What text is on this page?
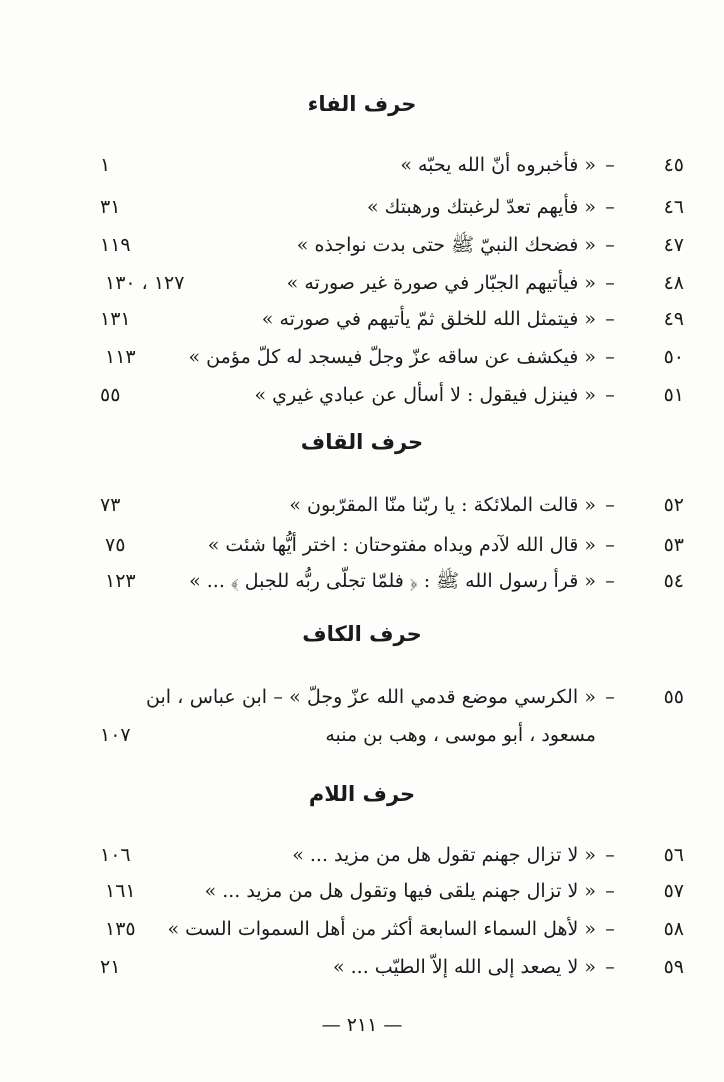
حرف الفاء
٤٥
–
« فأخبروه أنّ الله يحبّه »
١
٤٦
–
« فأيهم تعدّ لرغبتك ورهبتك »
٣١
٤٧
–
« فضحك النبيّ ﷺ حتى بدت نواجذه »
١١٩
٤٨
–
« فيأتيهم الجبّار في صورة غير صورته »
١٢٧ ، ١٣٠
٤٩
–
« فيتمثل الله للخلق ثمّ يأتيهم في صورته »
١٣١
٥٠
–
« فيكشف عن ساقه عزّ وجلّ فيسجد له كلّ مؤمن »
١١٣
٥١
–
« فينزل فيقول : لا أسأل عن عبادي غيري »
٥٥
حرف القاف
٥٢
–
« قالت الملائكة : يا ربّنا منّا المقرّبون »
٧٣
٥٣
–
« قال الله لآدم ويداه مفتوحتان : اختر أيُّها شئت »
٧٥
٥٤
–
« قرأ رسول الله ﷺ : ﴿ فلمّا تجلّى ربُّه للجبل ﴾ ... »
١٢٣
حرف الكاف
٥٥
–
« الكرسي موضع قدمي الله عزّ وجلّ » – ابن عباس ، ابن
مسعود ، أبو موسى ، وهب بن منبه
١٠٧
حرف اللام
٥٦
–
« لا تزال جهنم تقول هل من مزيد ... »
١٠٦
٥٧
–
« لا تزال جهنم يلقى فيها وتقول هل من مزيد ... »
١٦١
٥٨
–
« لأهل السماء السابعة أكثر من أهل السموات الست »
١٣٥
٥٩
–
« لا يصعد إلى الله إلاّ الطيّب ... »
٢١
— ٢١١ —
